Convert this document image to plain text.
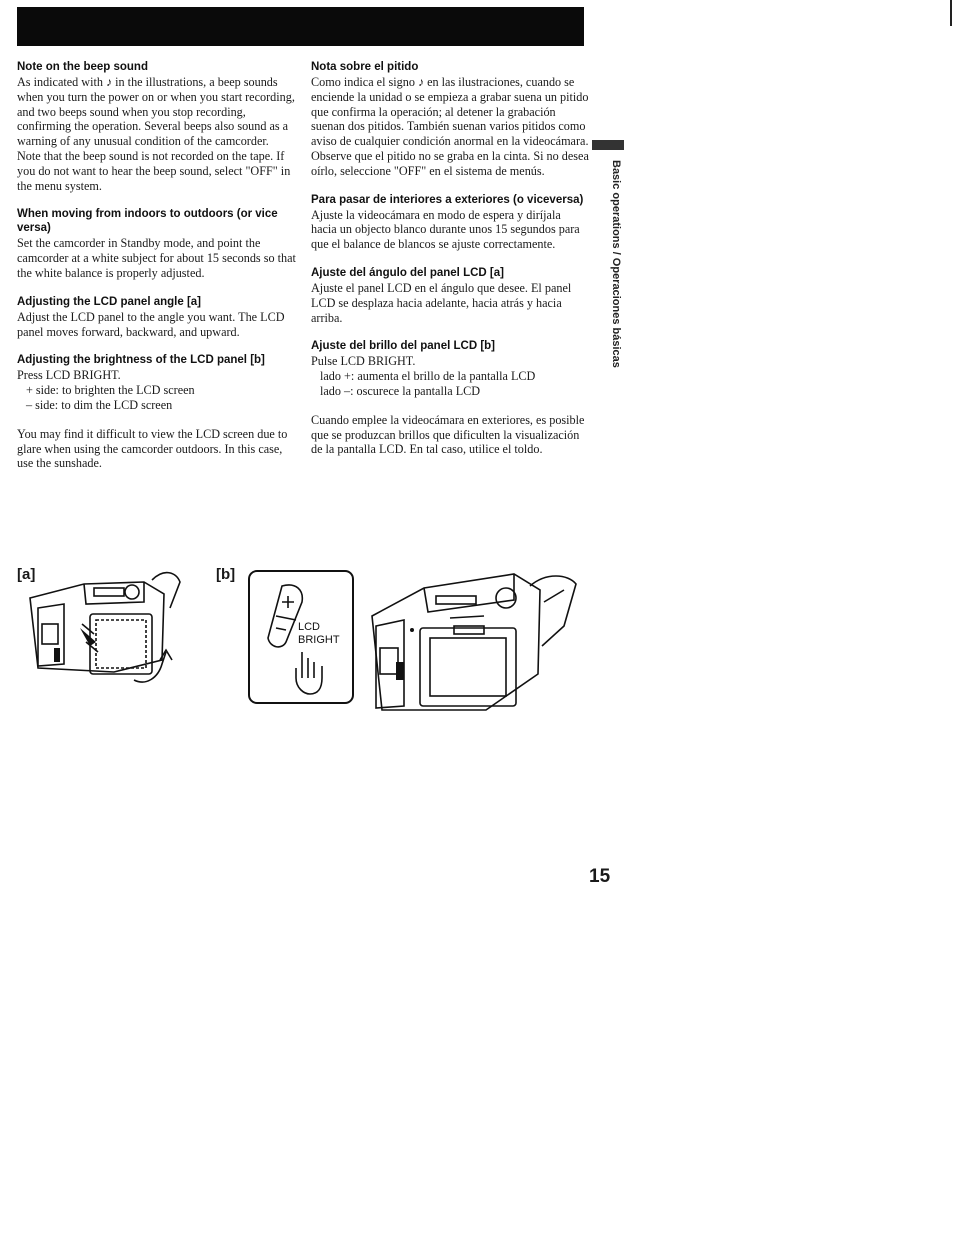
Note on the beep sound

As indicated with ♪ in the illustrations, a beep sounds when you turn the power on or when you start recording, and two beeps sound when you stop recording, confirming the operation. Several beeps also sound as a warning of any unusual condition of the camcorder.

Note that the beep sound is not recorded on the tape. If you do not want to hear the beep sound, select "OFF" in the menu system.

When moving from indoors to outdoors (or vice versa)

Set the camcorder in Standby mode, and point the camcorder at a white subject for about 15 seconds so that the white balance is properly adjusted.

Adjusting the LCD panel angle [a]

Adjust the LCD panel to the angle you want. The LCD panel moves forward, backward, and upward.

Adjusting the brightness of the LCD panel [b]

Press LCD BRIGHT.

+ side: to brighten the LCD screen

– side: to dim the LCD screen

You may find it difficult to view the LCD screen due to glare when using the camcorder outdoors. In this case, use the sunshade.

Nota sobre el pitido

Como indica el signo ♪ en las ilustraciones, cuando se enciende la unidad o se empieza a grabar suena un pitido que confirma la operación; al detener la grabación suenan dos pitidos. También suenan varios pitidos como aviso de cualquier condición anormal en la videocámara.

Observe que el pitido no se graba en la cinta. Si no desea oírlo, seleccione "OFF" en el sistema de menús.

Para pasar de interiores a exteriores (o viceversa)

Ajuste la videocámara en modo de espera y diríjala hacia un objecto blanco durante unos 15 segundos para que el balance de blancos se ajuste correctamente.

Ajuste del ángulo del panel LCD [a]

Ajuste el panel LCD en el ángulo que desee. El panel LCD se desplaza hacia adelante, hacia atrás y hacia arriba.

Ajuste del brillo del panel LCD [b]

Pulse LCD BRIGHT.

lado +: aumenta el brillo de la pantalla LCD

lado –: oscurece la pantalla LCD

Cuando emplee la videocámara en exteriores, es posible que se produzcan brillos que dificulten la visualización de la pantalla LCD. En tal caso, utilice el toldo.

Basic operations / Operaciones básicas
[a]	[b]
LCD
BRIGHT
15
